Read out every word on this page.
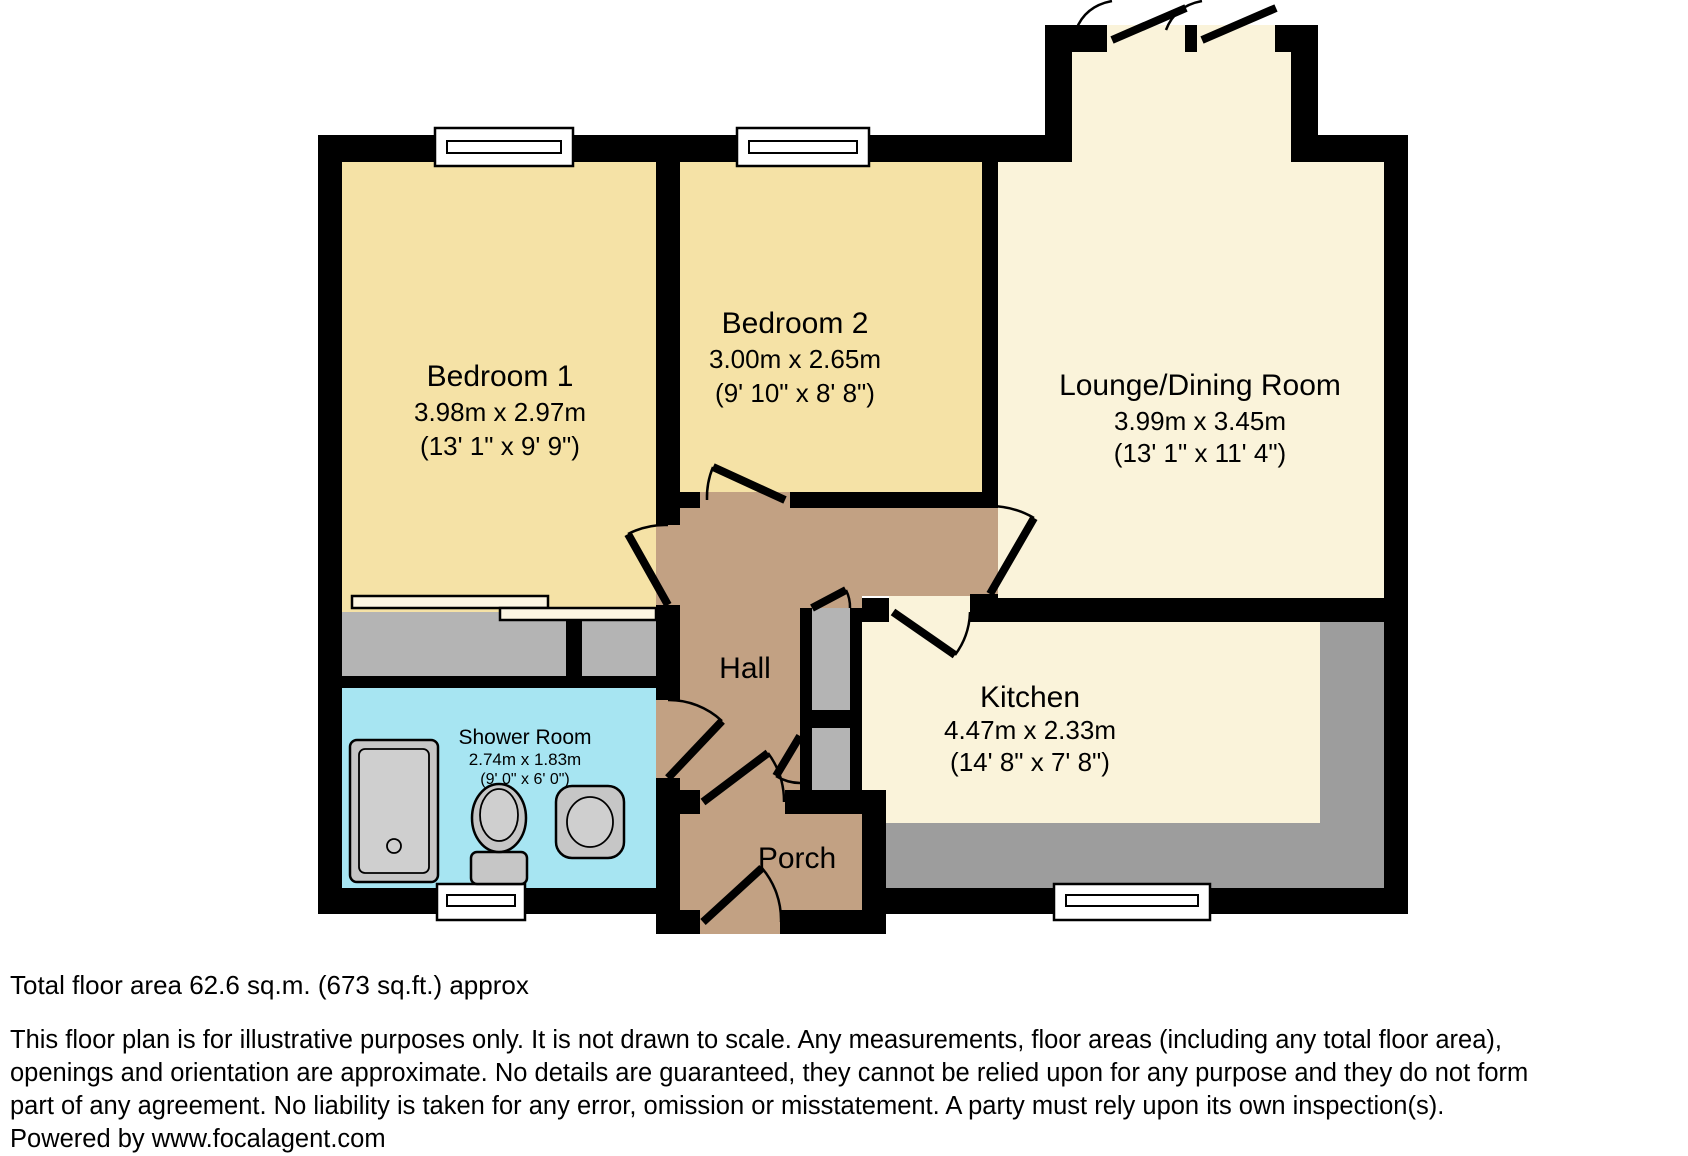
Bedroom 1
3.98m x 2.97m
(13' 1" x 9' 9")
Bedroom 2
3.00m x 2.65m
(9' 10" x 8' 8")	Lounge/Dining Room
3.99m x 3.45m
(13' 1" x 11' 4")
Kitchen
4.47m x 2.33m
(14' 8" x 7' 8")
Shower Room
2.74m x 1.83m
(9' 0" x 6' 0")
Hall
Porch
Total floor area 62.6 sq.m. (673 sq.ft.) approx
This floor plan is for illustrative purposes only. It is not drawn to scale. Any measurements, floor areas (including any total floor area),
openings and orientation are approximate. No details are guaranteed, they cannot be relied upon for any purpose and they do not form
part of any agreement. No liability is taken for any error, omission or misstatement. A party must rely upon its own inspection(s).
Powered by www.focalagent.com
